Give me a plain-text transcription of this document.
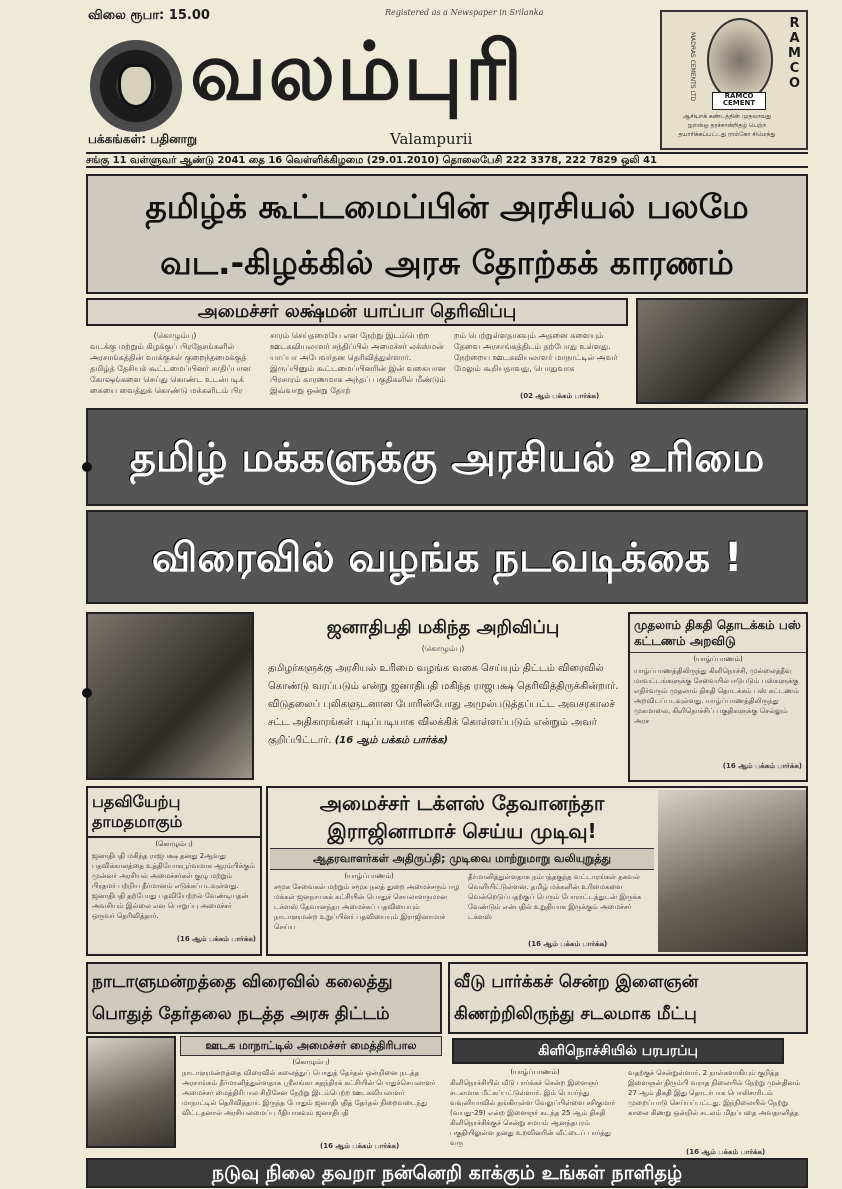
விலை ரூபா: 15.00	Registered as a Newspaper in Srilanka
வலம்புரி	RAMCO CEMENT
MADRAS CEMENTS LTD	RAMCO
ஆசியாக் கண்டத்தின் முதலாவது
ஐஎஸ்ஓ தரச்சான்றிதழ் பெற்ற
தயாரிக்கப்பட்டது ராம்கோ சிமெந்து
பக்கங்கள்: பதினாறு	Valampurii
சங்கு 11 வள்ளுவர் ஆண்டு 2041 தை 16 வெள்ளிக்கிழமை (29.01.2010) தொலைபேசி 222 3378, 222 7829 ஒலி 41
தமிழ்க் கூட்டமைப்பின் அரசியல் பலமே
வட.-கிழக்கில் அரசு தோற்கக் காரணம்
அமைச்சர் லக்ஷ்மன் யாப்பா தெரிவிப்பு
(கொழும்பு)
வடக்கு மற்றும் கிழக்குப் பிரதேசங்களில் அரசாங்கத்தின் வாக்குகள் குறைந்தமைக்குத் தமிழ்த் தேசியக் கூட்டமைப்பினர் சாதிப்பான கோஷங்களை செய்து கொண்ட உடன்படிக் கையை வைத்துக் கொண்டு மக்களிடம் பிர
சாரம் செய்தமையே என நேற்று இடம்பெற்ற ஊடகவியலாளர் சந்திப்பில் அமைச்சர் லக்ஸ்மன் யாப்பா அபேவர்தன தெரிவித்துள்ளார். இருப்பினும் கூட்டமைப்பினரின் இன் வகையான பிரசாரம் காரணமாக அந்தப் பகுதிகளில் மீண்டும் இவ்வாறு ஒன்று தோற்
றம் பெற்றுள்ளதாகவும் அதனை களையும் தேவை அரசாங்கத்திடம் தற்போது உள்ளது. நேற்றைய ஊடகவியலாளர் மாநாட்டில் அவர் மேலும் கூறியதாவது, பொதுவாக
(02 ஆம் பக்கம் பார்க்க)
தமிழ் மக்களுக்கு அரசியல் உரிமை
விரைவில் வழங்க நடவடிக்கை !
ஜனாதிபதி மகிந்த அறிவிப்பு
(கொழும்பு)
தமிழர்களுக்கு அரசியல் உரிமை வழங்க வகை செய்யும் திட்டம் விரைவில் கொண்டு வரப்படும் என்று ஜனாதிபதி மகிந்த ராஜபக்ஷ தெரிவித்திருக்கின்றார். விடுதலைப் புலிகளுடனான போரின்போது அமுல்படுத்தப்பட்ட அவசரகாலச் சட்ட அதிகாரங்கள் படிப்படியாக விலக்கிக் கொள்ளப்படும் என்றும் அவர் குறிப்பிட்டார். (16 ஆம் பக்கம் பார்க்க)
முதலாம் திகதி தொடக்கம் பஸ் கட்டணம் அறவிடு
(யாழ்ப்பாணம்)
யாழ்ப்பாணத்திலிருந்து கிளிநொச்சி, முல்லைத்தீவு மாவட்டங்களுக்கு சேவையில் ஈடுபடும் பஸ்களுக்கு எதிர்வரும் முதலாம் திகதி தொடக்கம் பஸ் கட்டணம் அறவிடப்படவுள்ளது. யாழ்ப்பாணத்திலிருந்து முகமாலை, கிளிநொச்சிப் பகுதிகளுக்கு செல்லும் அரச
(16 ஆம் பக்கம் பார்க்க)
பதவியேற்பு தாமதமாகும்
(கொழும்பு)
ஜனாதிபதி மகிந்த ராஜபக்ஷ தனது 2ஆவது பதவிக்காலத்தை உத்தியோகபூர்வமாக ஆரம்பிக்கும் முன்னர் அரசியல் அமைச்சர்கள் குழு மற்றும் பிரதமர் பற்றிய தீர்மானம் எடுக்கப்படவுள்ளது. ஜனாதிபதி தற்போது பதவியேற்றல் வேண்டியதன் அவசியம் இல்லை என பொறுப்பு அமைச்சர் ஒருவர் தெரிவித்தார்.
(16 ஆம் பக்கம் பார்க்க)
அமைச்சர் டக்ளஸ் தேவானந்தா
இராஜினாமாச் செய்ய முடிவு!
ஆதரவாளர்கள் அதிருப்தி; முடிவை மாற்றுமாறு வலியுறுத்து
(யாழ்ப்பாணம்)
சமூக சேவைகள் மற்றும் சமூக நலத் துறை அமைச்சரும் ஈழ மக்கள் ஜனநாயகக் கட்சியின் பொதுச் செயலாளருமான டக்ளஸ் தேவானந்தா அமைச்சுப் பதவியையும் நாடாளுமன்ற உறுப்பினர் பதவியையும் இராஜினாமாச் செய்ய
தீர்மானித்துள்ளதாக நம்பத்தகுந்த வட்டாரங்கள் தகவல் வெளியிட்டுள்ளன. தமிழ் மக்களின் உரிமைகளை வென்றெடுப்பதற்குப் பெரும் போராட்டத்துடன் இருக்க வேண்டும் என்பதில் உறுதியாக இருக்கும் அமைச்சர் டக்ளஸ்
(16 ஆம் பக்கம் பார்க்க)
நாடாளுமன்றத்தை விரைவில் கலைத்து
பொதுத் தேர்தலை நடத்த அரசு திட்டம்
ஊடக மாநாட்டில் அமைச்சர் மைத்திரிபால
(கொழும்பு)
நாடாளுமன்றத்தை விரைவில் கலைத்துப் பொதுத் தேர்தல் ஒன்றினை நடத்த அரசாங்கம் தீர்மானித்துள்ளதாக ஸ்ரீலங்கா சுதந்திரக் கட்சியின் பொதுச்செயலாளர் அமைச்சர் மைத்திரிபால சிறிசேன நேற்று இடம்பெற்ற ஊடகவியலாளர் மாநாட்டில் தெரிவித்தார். இருந்த போதும் ஜனாதிபதித் தேர்தல் நிறைவடைந்து விட்டதனால் அரசியலமைப்பு ரீதியாகவும் ஜனாதிபதி
(16 ஆம் பக்கம் பார்க்க)
வீடு பார்க்கச் சென்ற இளைஞன்
கிணற்றிலிருந்து சடலமாக மீட்பு
கிளிநொச்சியில் பரபரப்பு
(யாழ்ப்பாணம்)
கிளிநொச்சியில் வீடு பார்க்கச் சென்ற இளைஞர் சடலமாக மீட்கப்பட்டுள்ளார். இம் பெயர்ந்து வவுனியாவில் தங்கியுள்ள வேலுப்பிள்ளை சசிகுமார் (வயது-29) என்ற இளைஞர் கடந்த 25 ஆம் திகதி கிளிநொச்சிக்குச் சென்று சமயம் ஆனந்தபுரம் பகுதியிலுள்ள தனது உறவினரின் வீட்டைப் பார்த்து வரு
வதற்குச் சென்றுள்ளார். 2 நாள்களாகியும் குறித்த இளைஞன் திரும்பி வராத நிலையில் நேற்று முன்தினம் 27 ஆம் திகதி இது தொடர்பாக பொலிசாரிடம் முறைப்பாடு செய்யப்பட்டது. இந்நிலையில் நேற்று காலை கிணறு ஒன்றில் சடலம் மிதப்பதை அவதானித்த
(16 ஆம் பக்கம் பார்க்க)
நடுவு நிலை தவறா நன்னெறி காக்கும் உங்கள் நாளிதழ்
